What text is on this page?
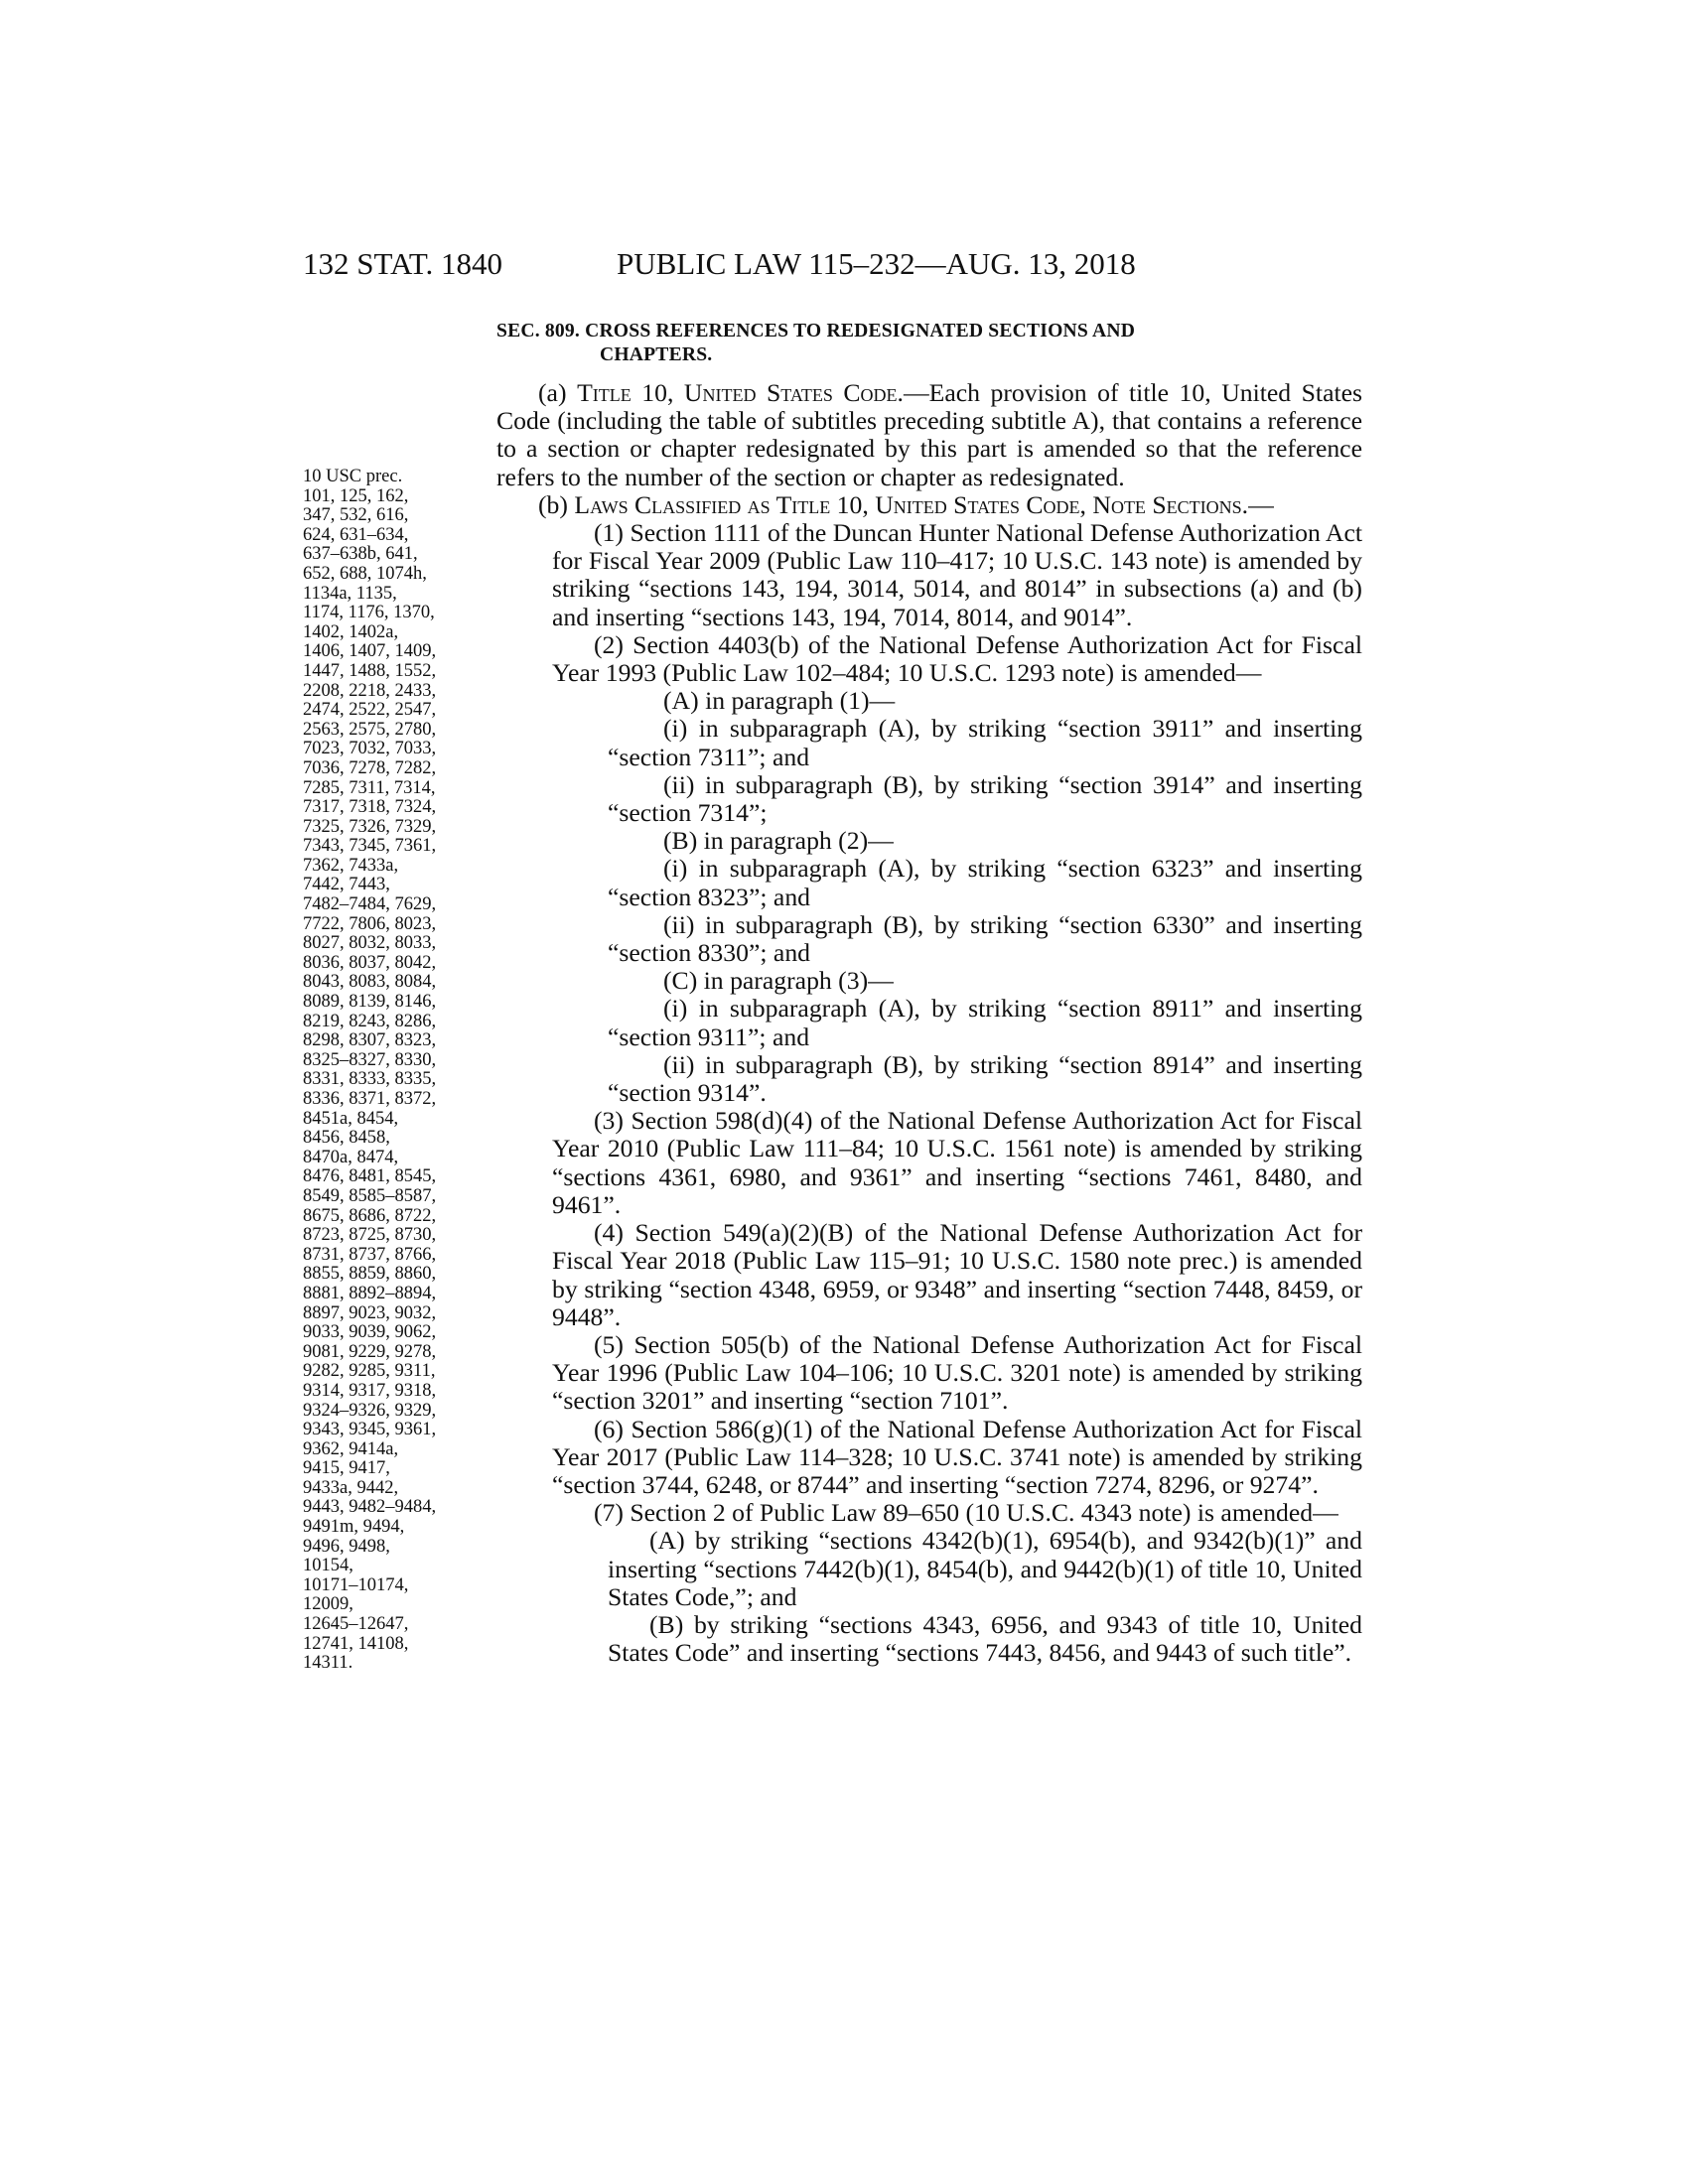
132 STAT. 1840	PUBLIC LAW 115–232—AUG. 13, 2018
10 USC prec.
101, 125, 162,
347, 532, 616,
624, 631–634,
637–638b, 641,
652, 688, 1074h,
1134a, 1135,
1174, 1176, 1370,
1402, 1402a,
1406, 1407, 1409,
1447, 1488, 1552,
2208, 2218, 2433,
2474, 2522, 2547,
2563, 2575, 2780,
7023, 7032, 7033,
7036, 7278, 7282,
7285, 7311, 7314,
7317, 7318, 7324,
7325, 7326, 7329,
7343, 7345, 7361,
7362, 7433a,
7442, 7443,
7482–7484, 7629,
7722, 7806, 8023,
8027, 8032, 8033,
8036, 8037, 8042,
8043, 8083, 8084,
8089, 8139, 8146,
8219, 8243, 8286,
8298, 8307, 8323,
8325–8327, 8330,
8331, 8333, 8335,
8336, 8371, 8372,
8451a, 8454,
8456, 8458,
8470a, 8474,
8476, 8481, 8545,
8549, 8585–8587,
8675, 8686, 8722,
8723, 8725, 8730,
8731, 8737, 8766,
8855, 8859, 8860,
8881, 8892–8894,
8897, 9023, 9032,
9033, 9039, 9062,
9081, 9229, 9278,
9282, 9285, 9311,
9314, 9317, 9318,
9324–9326, 9329,
9343, 9345, 9361,
9362, 9414a,
9415, 9417,
9433a, 9442,
9443, 9482–9484,
9491m, 9494,
9496, 9498,
10154,
10171–10174,
12009,
12645–12647,
12741, 14108,
14311.
SEC. 809. CROSS REFERENCES TO REDESIGNATED SECTIONS AND
CHAPTERS.
(a) Title 10, United States Code.—Each provision of title 10, United States Code (including the table of subtitles preceding subtitle A), that contains a reference to a section or chapter redesignated by this part is amended so that the reference refers to the number of the section or chapter as redesignated.
(b) Laws Classified as Title 10, United States Code, Note Sections.—
(1) Section 1111 of the Duncan Hunter National Defense Authorization Act for Fiscal Year 2009 (Public Law 110–417; 10 U.S.C. 143 note) is amended by striking “sections 143, 194, 3014, 5014, and 8014” in subsections (a) and (b) and inserting “sections 143, 194, 7014, 8014, and 9014”.
(2) Section 4403(b) of the National Defense Authorization Act for Fiscal Year 1993 (Public Law 102–484; 10 U.S.C. 1293 note) is amended—
(A) in paragraph (1)—
(i) in subparagraph (A), by striking “section 3911” and inserting “section 7311”; and
(ii) in subparagraph (B), by striking “section 3914” and inserting “section 7314”;
(B) in paragraph (2)—
(i) in subparagraph (A), by striking “section 6323” and inserting “section 8323”; and
(ii) in subparagraph (B), by striking “section 6330” and inserting “section 8330”; and
(C) in paragraph (3)—
(i) in subparagraph (A), by striking “section 8911” and inserting “section 9311”; and
(ii) in subparagraph (B), by striking “section 8914” and inserting “section 9314”.
(3) Section 598(d)(4) of the National Defense Authorization Act for Fiscal Year 2010 (Public Law 111–84; 10 U.S.C. 1561 note) is amended by striking “sections 4361, 6980, and 9361” and inserting “sections 7461, 8480, and 9461”.
(4) Section 549(a)(2)(B) of the National Defense Authorization Act for Fiscal Year 2018 (Public Law 115–91; 10 U.S.C. 1580 note prec.) is amended by striking “section 4348, 6959, or 9348” and inserting “section 7448, 8459, or 9448”.
(5) Section 505(b) of the National Defense Authorization Act for Fiscal Year 1996 (Public Law 104–106; 10 U.S.C. 3201 note) is amended by striking “section 3201” and inserting “section 7101”.
(6) Section 586(g)(1) of the National Defense Authorization Act for Fiscal Year 2017 (Public Law 114–328; 10 U.S.C. 3741 note) is amended by striking “section 3744, 6248, or 8744” and inserting “section 7274, 8296, or 9274”.
(7) Section 2 of Public Law 89–650 (10 U.S.C. 4343 note) is amended—
(A) by striking “sections 4342(b)(1), 6954(b), and 9342(b)(1)” and inserting “sections 7442(b)(1), 8454(b), and 9442(b)(1) of title 10, United States Code,”; and
(B) by striking “sections 4343, 6956, and 9343 of title 10, United States Code” and inserting “sections 7443, 8456, and 9443 of such title”.
